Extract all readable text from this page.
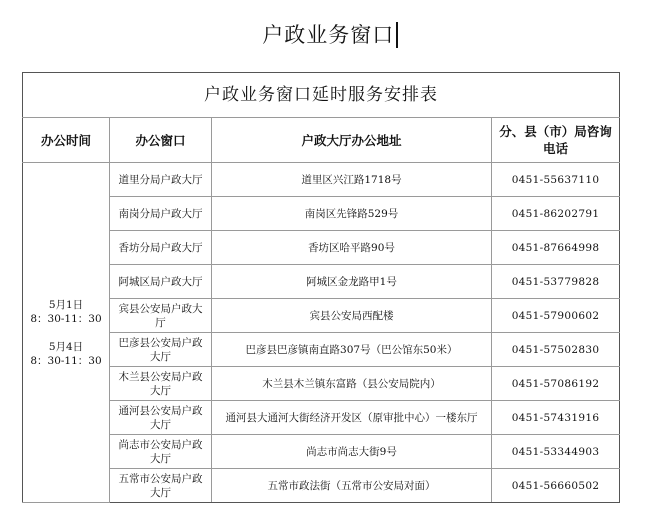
户政业务窗口
户政业务窗口延时服务安排表			
办公时间	办公窗口	户政大厅办公地址	分、县（市）局咨询电话

5月1日
8：30-11：30
5月4日
8：30-11：30	道里分局户政大厅	道里区兴江路1718号	0451-55637110
	南岗分局户政大厅	南岗区先锋路529号	0451-86202791
	香坊分局户政大厅	香坊区哈平路90号	0451-87664998
	阿城区局户政大厅	阿城区金龙路甲1号	0451-53779828
	宾县公安局户政大厅	宾县公安局西配楼	0451-57900602
	巴彦县公安局户政大厅	巴彦县巴彦镇南直路307号（巴公馆东50米）	0451-57502830
	木兰县公安局户政大厅	木兰县木兰镇东富路（县公安局院内）	0451-57086192
	通河县公安局户政大厅	通河县大通河大街经济开发区（原审批中心）一楼东厅	0451-57431916
	尚志市公安局户政大厅	尚志市尚志大街9号	0451-53344903
	五常市公安局户政大厅	五常市政法街（五常市公安局对面）	0451-56660502
